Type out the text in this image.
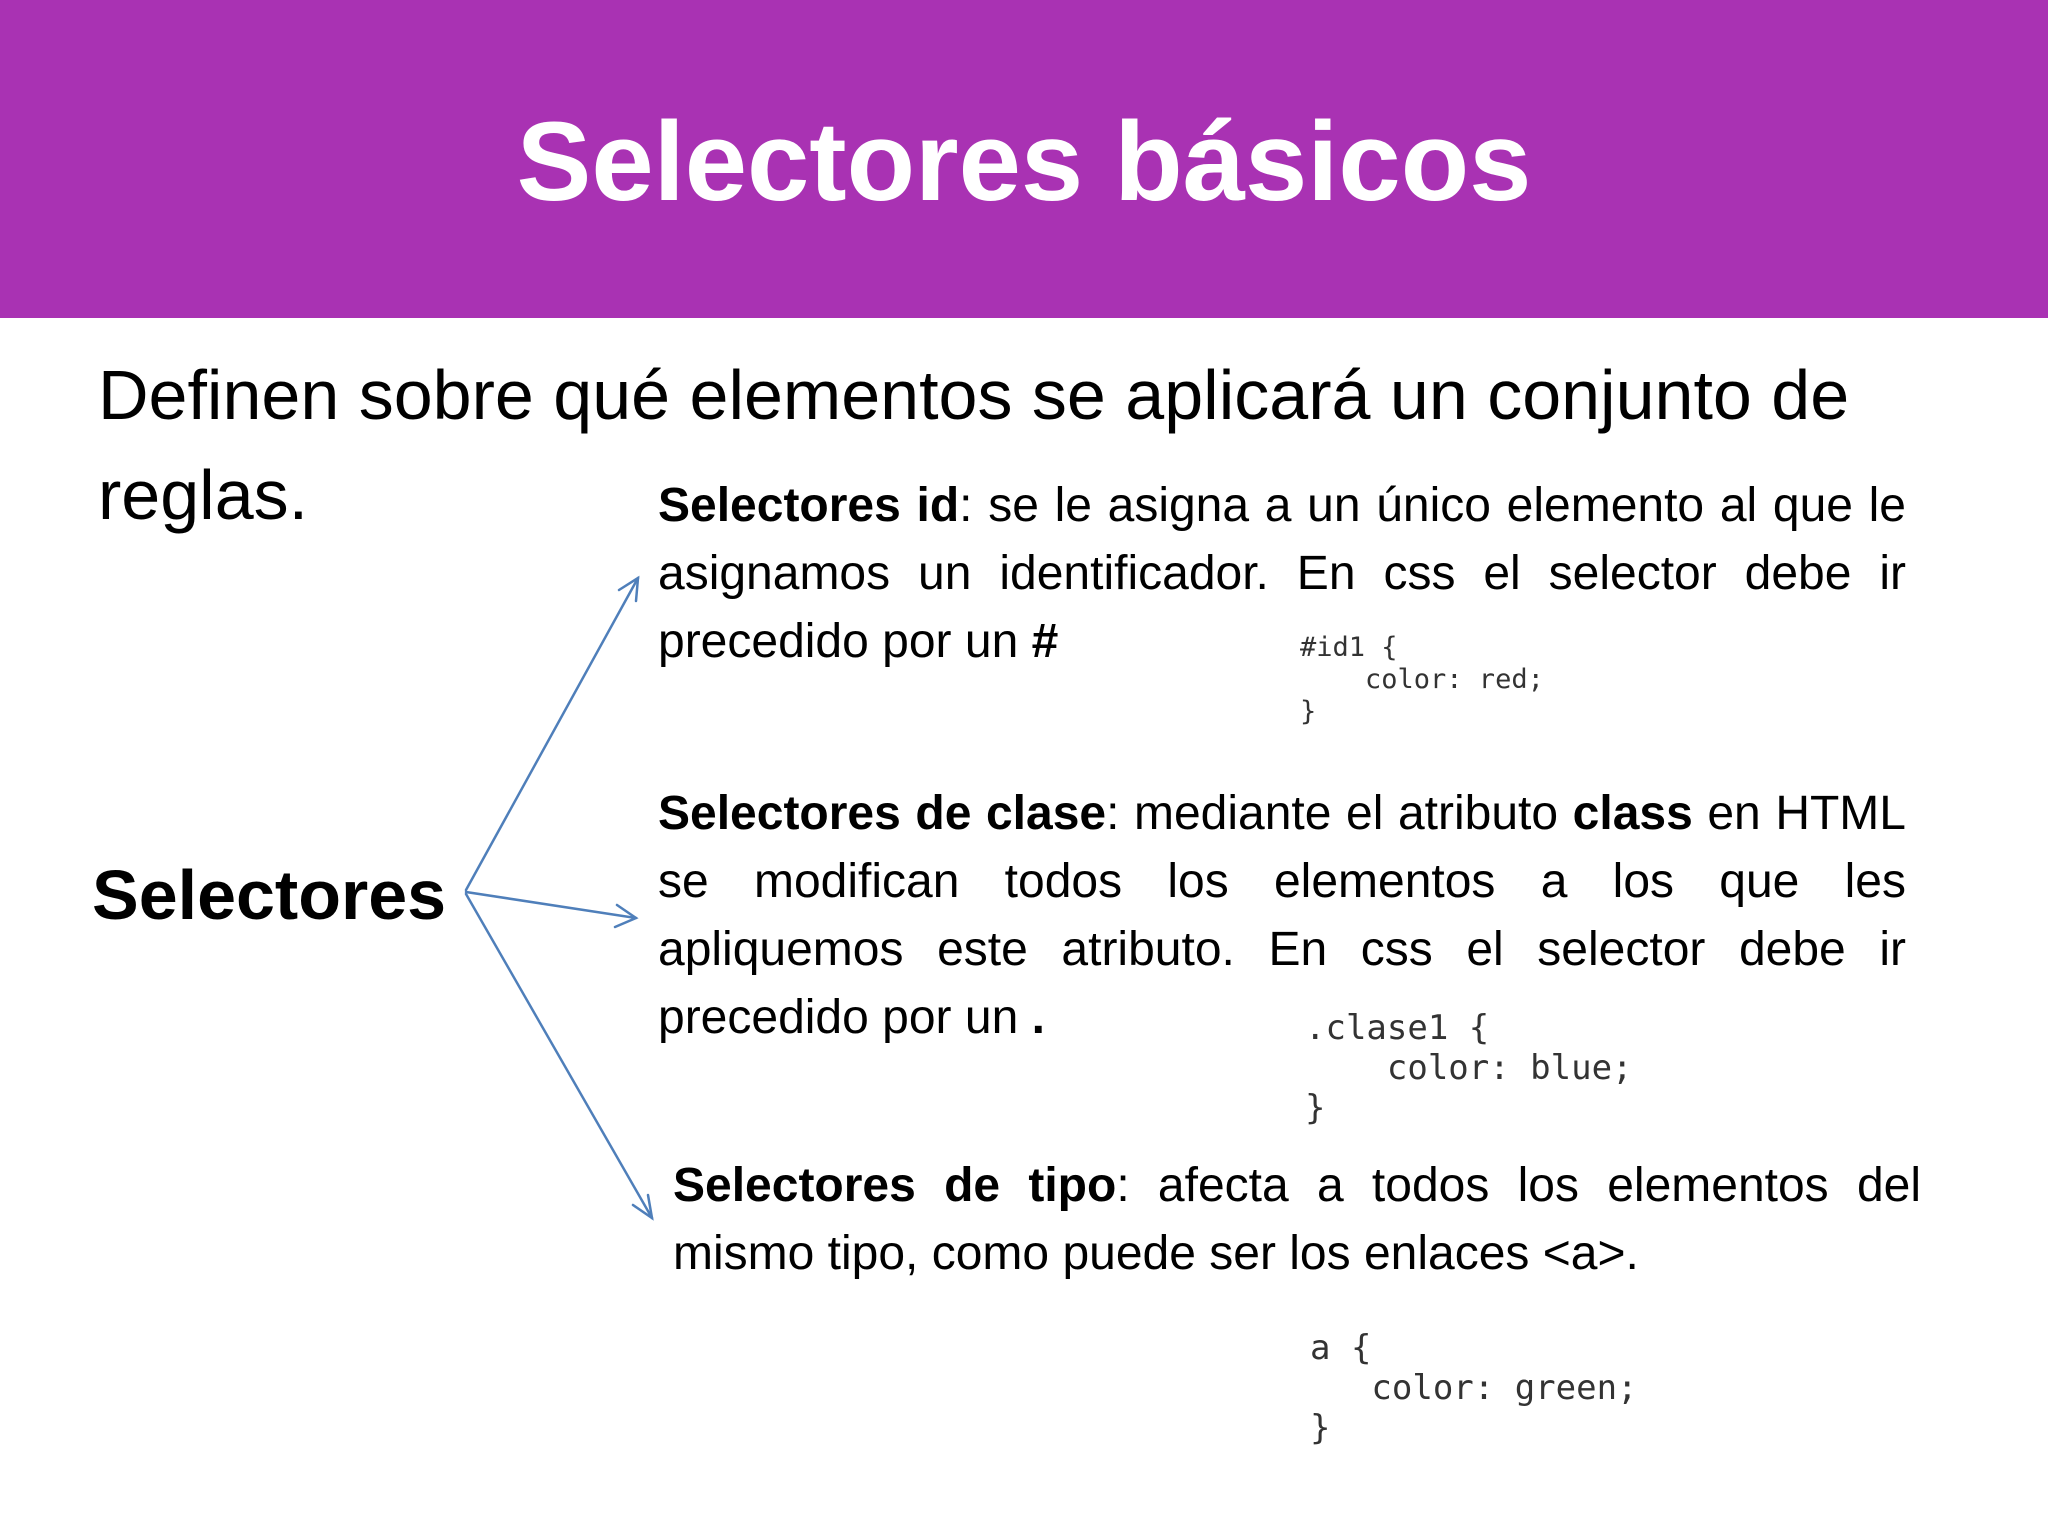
Selectores básicos

Definen sobre qué elementos se aplicará un conjunto de reglas.

Selectores
Selectores id: se le asigna a un único elemento al que le asignamos un identificador. En css el selector debe ir precedido por un #	#id1 {
color: red;
}
Selectores de clase: mediante el atributo class en HTML se modifican todos los elementos a los que les apliquemos este atributo. En css el selector debe ir precedido por un .	.clase1 {
color: blue;
}
Selectores de tipo: afecta a todos los elementos del mismo tipo, como puede ser los enlaces <a>.
a {
color: green;
}
